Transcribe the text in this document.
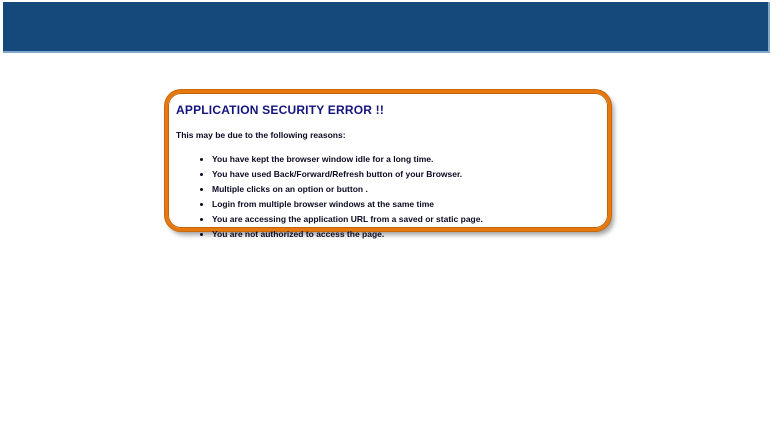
APPLICATION SECURITY ERROR !!
This may be due to the following reasons:
• You have kept the browser window idle for a long time.
• You have used Back/Forward/Refresh button of your Browser.
• Multiple clicks on an option or button .
• Login from multiple browser windows at the same time
• You are accessing the application URL from a saved or static page.
• You are not authorized to access the page.
